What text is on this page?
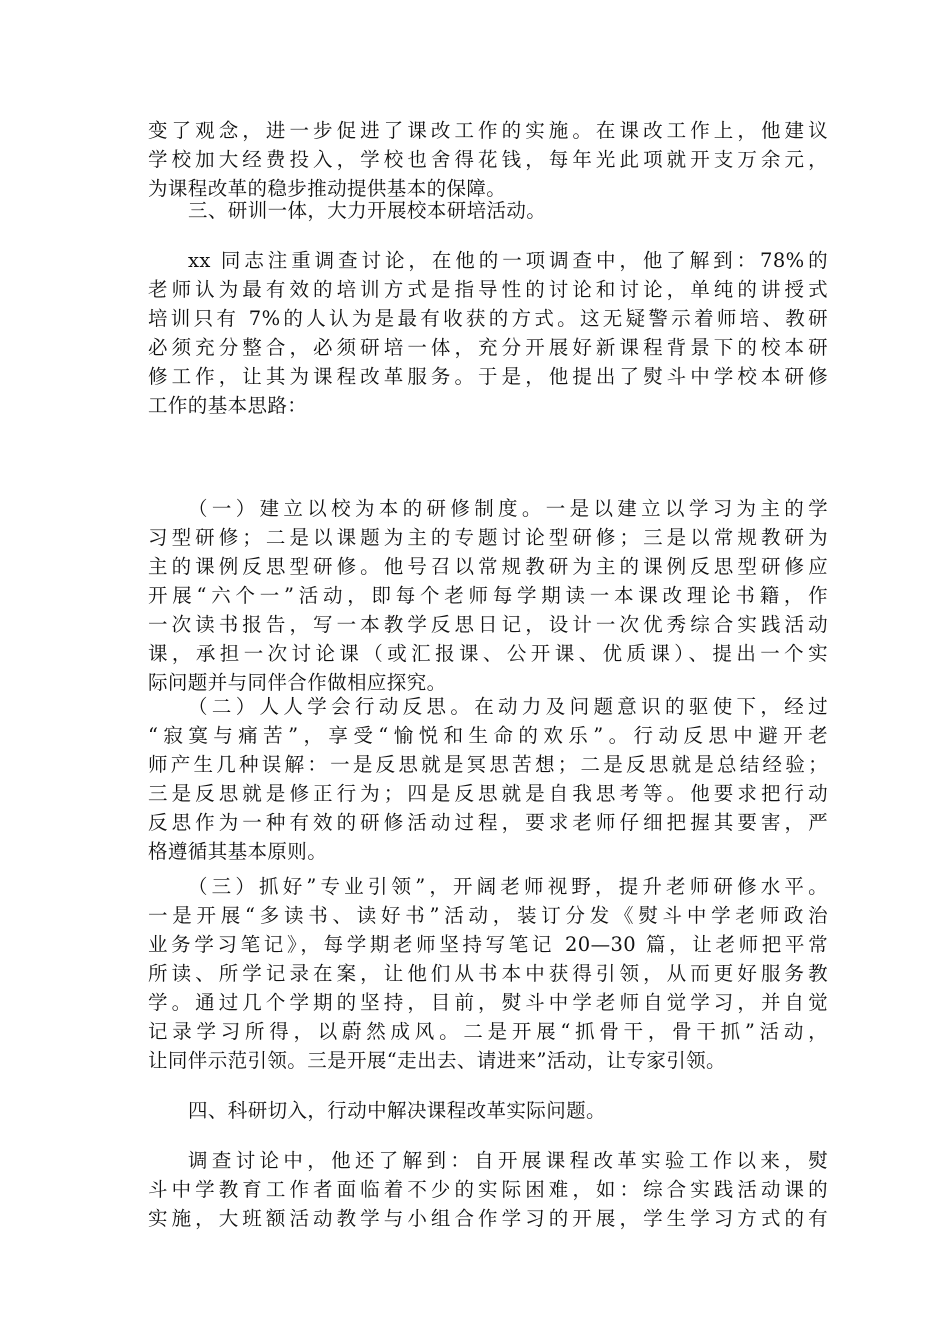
变了观念，进一步促进了课改工作的实施。在课改工作上，他建议
学校加大经费投入，学校也舍得花钱，每年光此项就开支万余元，
为课程改革的稳步推动提供基本的保障。
三、研训一体，大力开展校本研培活动。
xx 同志注重调查讨论，在他的一项调查中，他了解到：78%的
老师认为最有效的培训方式是指导性的讨论和讨论，单纯的讲授式
培训只有 7%的人认为是最有收获的方式。这无疑警示着师培、教研
必须充分整合，必须研培一体，充分开展好新课程背景下的校本研
修工作，让其为课程改革服务。于是，他提出了熨斗中学校本研修
工作的基本思路：
（一）建立以校为本的研修制度。一是以建立以学习为主的学
习型研修；二是以课题为主的专题讨论型研修；三是以常规教研为
主的课例反思型研修。他号召以常规教研为主的课例反思型研修应
开展“六个一”活动，即每个老师每学期读一本课改理论书籍，作
一次读书报告，写一本教学反思日记，设计一次优秀综合实践活动
课，承担一次讨论课（或汇报课、公开课、优质课）、提出一个实
际问题并与同伴合作做相应探究。
（二）人人学会行动反思。在动力及问题意识的驱使下，经过
“寂寞与痛苦”，享受“愉悦和生命的欢乐”。行动反思中避开老
师产生几种误解：一是反思就是冥思苦想；二是反思就是总结经验；
三是反思就是修正行为；四是反思就是自我思考等。他要求把行动
反思作为一种有效的研修活动过程，要求老师仔细把握其要害，严
格遵循其基本原则。
（三）抓好”专业引领”，开阔老师视野，提升老师研修水平。
一是开展“多读书、读好书”活动，装订分发《熨斗中学老师政治
业务学习笔记》，每学期老师坚持写笔记 20—30 篇，让老师把平常
所读、所学记录在案，让他们从书本中获得引领，从而更好服务教
学。通过几个学期的坚持，目前，熨斗中学老师自觉学习，并自觉
记录学习所得，以蔚然成风。二是开展“抓骨干，骨干抓”活动，
让同伴示范引领。三是开展“走出去、请进来”活动，让专家引领。
四、科研切入，行动中解决课程改革实际问题。
调查讨论中，他还了解到：自开展课程改革实验工作以来，熨
斗中学教育工作者面临着不少的实际困难，如：综合实践活动课的
实施，大班额活动教学与小组合作学习的开展，学生学习方式的有
